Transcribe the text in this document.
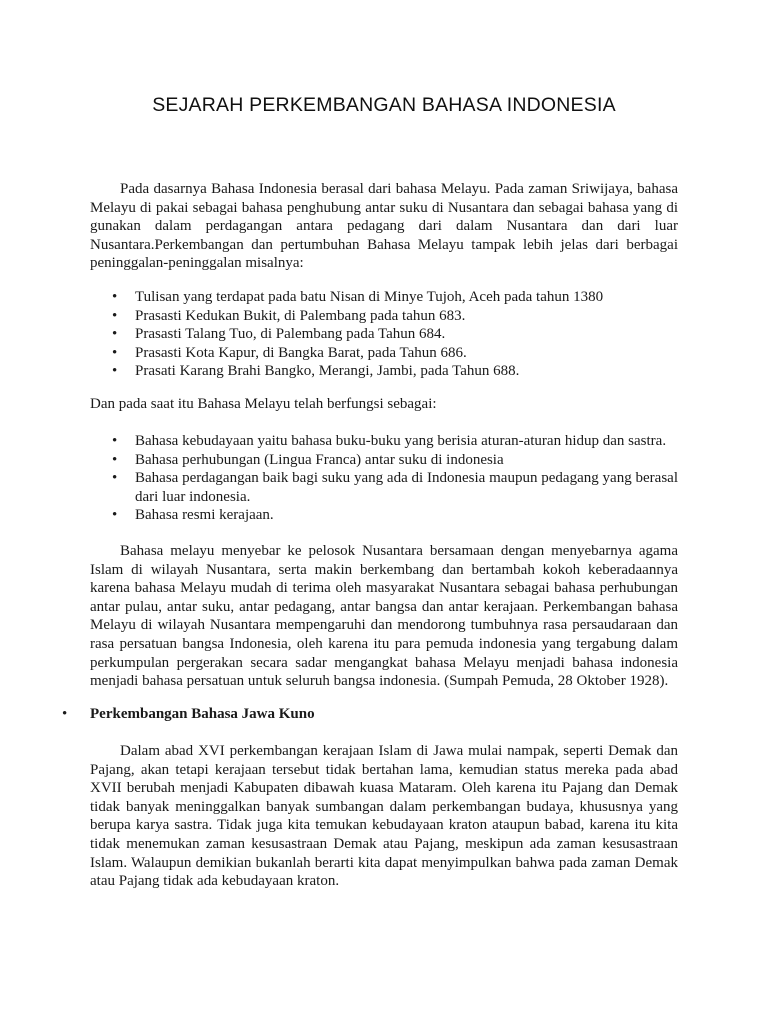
SEJARAH PERKEMBANGAN BAHASA INDONESIA

Pada dasarnya Bahasa Indonesia berasal dari bahasa Melayu. Pada zaman Sriwijaya, bahasa Melayu di pakai sebagai bahasa penghubung antar suku di Nusantara dan sebagai bahasa yang di gunakan dalam perdagangan antara pedagang dari dalam Nusantara dan dari luar Nusantara.Perkembangan dan pertumbuhan Bahasa Melayu tampak lebih jelas dari berbagai peninggalan-peninggalan misalnya:

• Tulisan yang terdapat pada batu Nisan di Minye Tujoh, Aceh pada tahun 1380
• Prasasti Kedukan Bukit, di Palembang pada tahun 683.
• Prasasti Talang Tuo, di Palembang pada Tahun 684.
• Prasasti Kota Kapur, di Bangka Barat, pada Tahun 686.
• Prasati Karang Brahi Bangko, Merangi, Jambi, pada Tahun 688.

Dan pada saat itu Bahasa Melayu telah berfungsi sebagai:

• Bahasa kebudayaan yaitu bahasa buku-buku yang berisia aturan-aturan hidup dan sastra.
• Bahasa perhubungan (Lingua Franca) antar suku di indonesia
• Bahasa perdagangan baik bagi suku yang ada di Indonesia maupun pedagang yang berasal dari luar indonesia.
• Bahasa resmi kerajaan.

Bahasa melayu menyebar ke pelosok Nusantara bersamaan dengan menyebarnya agama Islam di wilayah Nusantara, serta makin berkembang dan bertambah kokoh keberadaannya karena bahasa Melayu mudah di terima oleh masyarakat Nusantara sebagai bahasa perhubungan antar pulau, antar suku, antar pedagang, antar bangsa dan antar kerajaan. Perkembangan bahasa Melayu di wilayah Nusantara mempengaruhi dan mendorong tumbuhnya rasa persaudaraan dan rasa persatuan bangsa Indonesia, oleh karena itu para pemuda indonesia yang tergabung dalam perkumpulan pergerakan secara sadar mengangkat bahasa Melayu menjadi bahasa indonesia menjadi bahasa persatuan untuk seluruh bangsa indonesia. (Sumpah Pemuda, 28 Oktober 1928).

• Perkembangan Bahasa Jawa Kuno

Dalam abad XVI perkembangan kerajaan Islam di Jawa mulai nampak, seperti Demak dan Pajang, akan tetapi kerajaan tersebut tidak bertahan lama, kemudian status mereka pada abad XVII berubah menjadi Kabupaten dibawah kuasa Mataram. Oleh karena itu Pajang dan Demak tidak banyak meninggalkan banyak sumbangan dalam perkembangan budaya, khususnya yang berupa karya sastra. Tidak juga kita temukan kebudayaan kraton ataupun babad, karena itu kita tidak menemukan zaman kesusastraan Demak atau Pajang, meskipun ada zaman kesusastraan Islam. Walaupun demikian bukanlah berarti kita dapat menyimpulkan bahwa pada zaman Demak atau Pajang tidak ada kebudayaan kraton.
